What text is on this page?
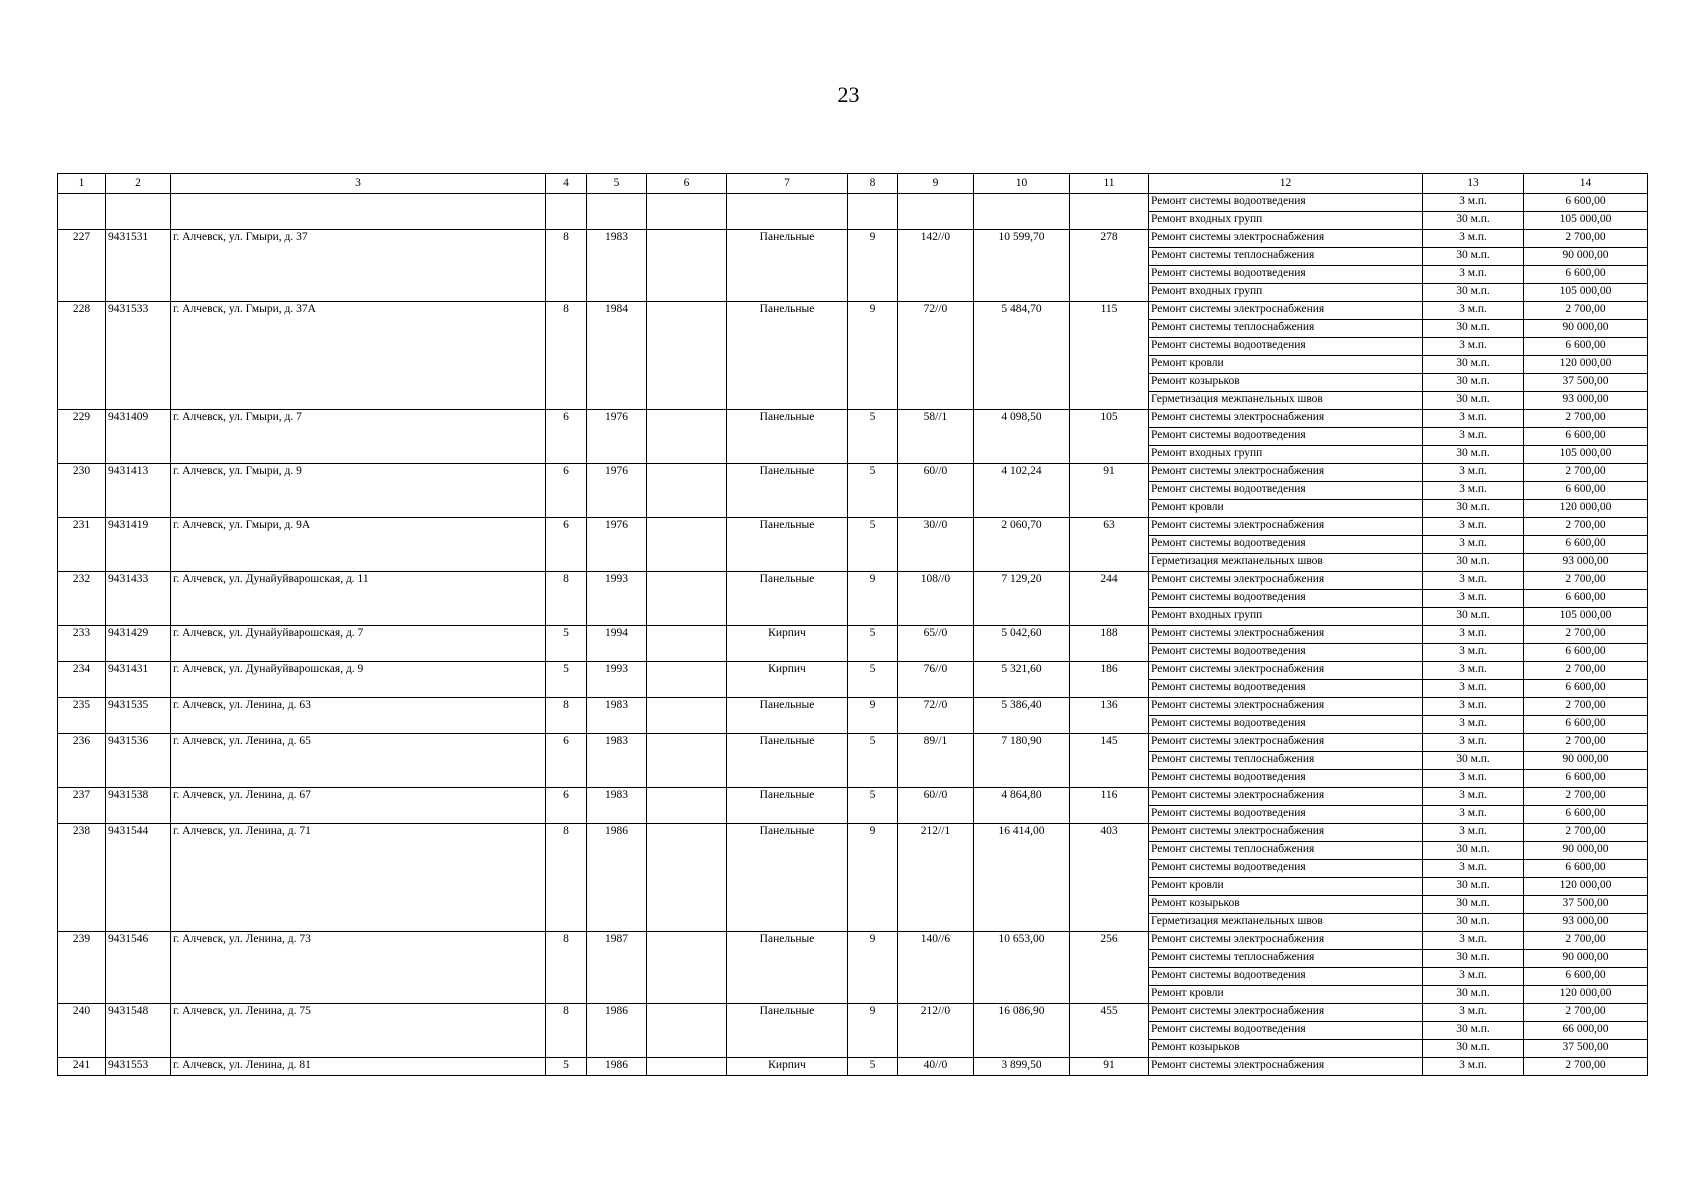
23
1	2	3	4	5	6	7	8	9	10	11	12	13	14
											Ремонт системы водоотведения	3 м.п.	6 600,00
											Ремонт входных групп	30 м.п.	105 000,00
227	9431531	г. Алчевск, ул. Гмыри, д. 37	8	1983		Панельные	9	142//0	10 599,70	278	Ремонт системы электроснабжения	3 м.п.	2 700,00
											Ремонт системы теплоснабжения	30 м.п.	90 000,00
											Ремонт системы водоотведения	3 м.п.	6 600,00
											Ремонт входных групп	30 м.п.	105 000,00
228	9431533	г. Алчевск, ул. Гмыри, д. 37А	8	1984		Панельные	9	72//0	5 484,70	115	Ремонт системы электроснабжения	3 м.п.	2 700,00
											Ремонт системы теплоснабжения	30 м.п.	90 000,00
											Ремонт системы водоотведения	3 м.п.	6 600,00
											Ремонт кровли	30 м.п.	120 000,00
											Ремонт козырьков	30 м.п.	37 500,00
											Герметизация межпанельных швов	30 м.п.	93 000,00
229	9431409	г. Алчевск, ул. Гмыри, д. 7	6	1976		Панельные	5	58//1	4 098,50	105	Ремонт системы электроснабжения	3 м.п.	2 700,00
											Ремонт системы водоотведения	3 м.п.	6 600,00
											Ремонт входных групп	30 м.п.	105 000,00
230	9431413	г. Алчевск, ул. Гмыри, д. 9	6	1976		Панельные	5	60//0	4 102,24	91	Ремонт системы электроснабжения	3 м.п.	2 700,00
											Ремонт системы водоотведения	3 м.п.	6 600,00
											Ремонт кровли	30 м.п.	120 000,00
231	9431419	г. Алчевск, ул. Гмыри, д. 9А	6	1976		Панельные	5	30//0	2 060,70	63	Ремонт системы электроснабжения	3 м.п.	2 700,00
											Ремонт системы водоотведения	3 м.п.	6 600,00
											Герметизация межпанельных швов	30 м.п.	93 000,00
232	9431433	г. Алчевск, ул. Дунайуйварошская, д. 11	8	1993		Панельные	9	108//0	7 129,20	244	Ремонт системы электроснабжения	3 м.п.	2 700,00
											Ремонт системы водоотведения	3 м.п.	6 600,00
											Ремонт входных групп	30 м.п.	105 000,00
233	9431429	г. Алчевск, ул. Дунайуйварошская, д. 7	5	1994		Кирпич	5	65//0	5 042,60	188	Ремонт системы электроснабжения	3 м.п.	2 700,00
											Ремонт системы водоотведения	3 м.п.	6 600,00
234	9431431	г. Алчевск, ул. Дунайуйварошская, д. 9	5	1993		Кирпич	5	76//0	5 321,60	186	Ремонт системы электроснабжения	3 м.п.	2 700,00
											Ремонт системы водоотведения	3 м.п.	6 600,00
235	9431535	г. Алчевск, ул. Ленина, д. 63	8	1983		Панельные	9	72//0	5 386,40	136	Ремонт системы электроснабжения	3 м.п.	2 700,00
											Ремонт системы водоотведения	3 м.п.	6 600,00
236	9431536	г. Алчевск, ул. Ленина, д. 65	6	1983		Панельные	5	89//1	7 180,90	145	Ремонт системы электроснабжения	3 м.п.	2 700,00
											Ремонт системы теплоснабжения	30 м.п.	90 000,00
											Ремонт системы водоотведения	3 м.п.	6 600,00
237	9431538	г. Алчевск, ул. Ленина, д. 67	6	1983		Панельные	5	60//0	4 864,80	116	Ремонт системы электроснабжения	3 м.п.	2 700,00
											Ремонт системы водоотведения	3 м.п.	6 600,00
238	9431544	г. Алчевск, ул. Ленина, д. 71	8	1986		Панельные	9	212//1	16 414,00	403	Ремонт системы электроснабжения	3 м.п.	2 700,00
											Ремонт системы теплоснабжения	30 м.п.	90 000,00
											Ремонт системы водоотведения	3 м.п.	6 600,00
											Ремонт кровли	30 м.п.	120 000,00
											Ремонт козырьков	30 м.п.	37 500,00
											Герметизация межпанельных швов	30 м.п.	93 000,00
239	9431546	г. Алчевск, ул. Ленина, д. 73	8	1987		Панельные	9	140//6	10 653,00	256	Ремонт системы электроснабжения	3 м.п.	2 700,00
											Ремонт системы теплоснабжения	30 м.п.	90 000,00
											Ремонт системы водоотведения	3 м.п.	6 600,00
											Ремонт кровли	30 м.п.	120 000,00
240	9431548	г. Алчевск, ул. Ленина, д. 75	8	1986		Панельные	9	212//0	16 086,90	455	Ремонт системы электроснабжения	3 м.п.	2 700,00
											Ремонт системы водоотведения	30 м.п.	66 000,00
											Ремонт козырьков	30 м.п.	37 500,00
241	9431553	г. Алчевск, ул. Ленина, д. 81	5	1986		Кирпич	5	40//0	3 899,50	91	Ремонт системы электроснабжения	3 м.п.	2 700,00
